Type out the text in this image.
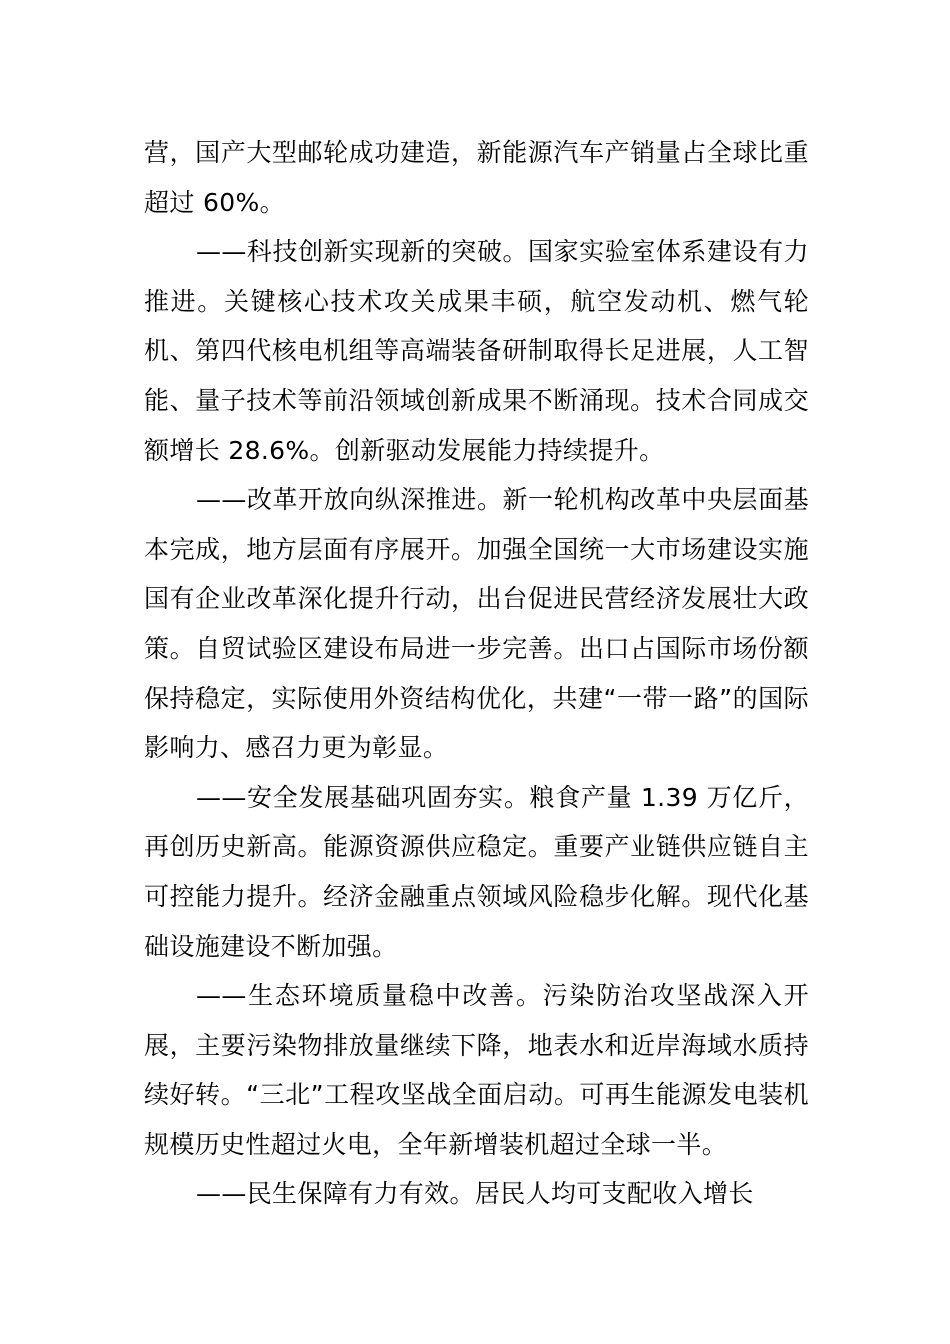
营，国产大型邮轮成功建造，新能源汽车产销量占全球比重超过 60%。

——科技创新实现新的突破。国家实验室体系建设有力推进。关键核心技术攻关成果丰硕，航空发动机、燃气轮机、第四代核电机组等高端装备研制取得长足进展，人工智能、量子技术等前沿领域创新成果不断涌现。技术合同成交额增长 28.6%。创新驱动发展能力持续提升。

——改革开放向纵深推进。新一轮机构改革中央层面基本完成，地方层面有序展开。加强全国统一大市场建设实施国有企业改革深化提升行动，出台促进民营经济发展壮大政策。自贸试验区建设布局进一步完善。出口占国际市场份额保持稳定，实际使用外资结构优化，共建“一带一路”的国际影响力、感召力更为彰显。

——安全发展基础巩固夯实。粮食产量 1.39 万亿斤，再创历史新高。能源资源供应稳定。重要产业链供应链自主可控能力提升。经济金融重点领域风险稳步化解。现代化基础设施建设不断加强。

——生态环境质量稳中改善。污染防治攻坚战深入开展，主要污染物排放量继续下降，地表水和近岸海域水质持续好转。“三北”工程攻坚战全面启动。可再生能源发电装机规模历史性超过火电，全年新增装机超过全球一半。

——民生保障有力有效。居民人均可支配收入增长
